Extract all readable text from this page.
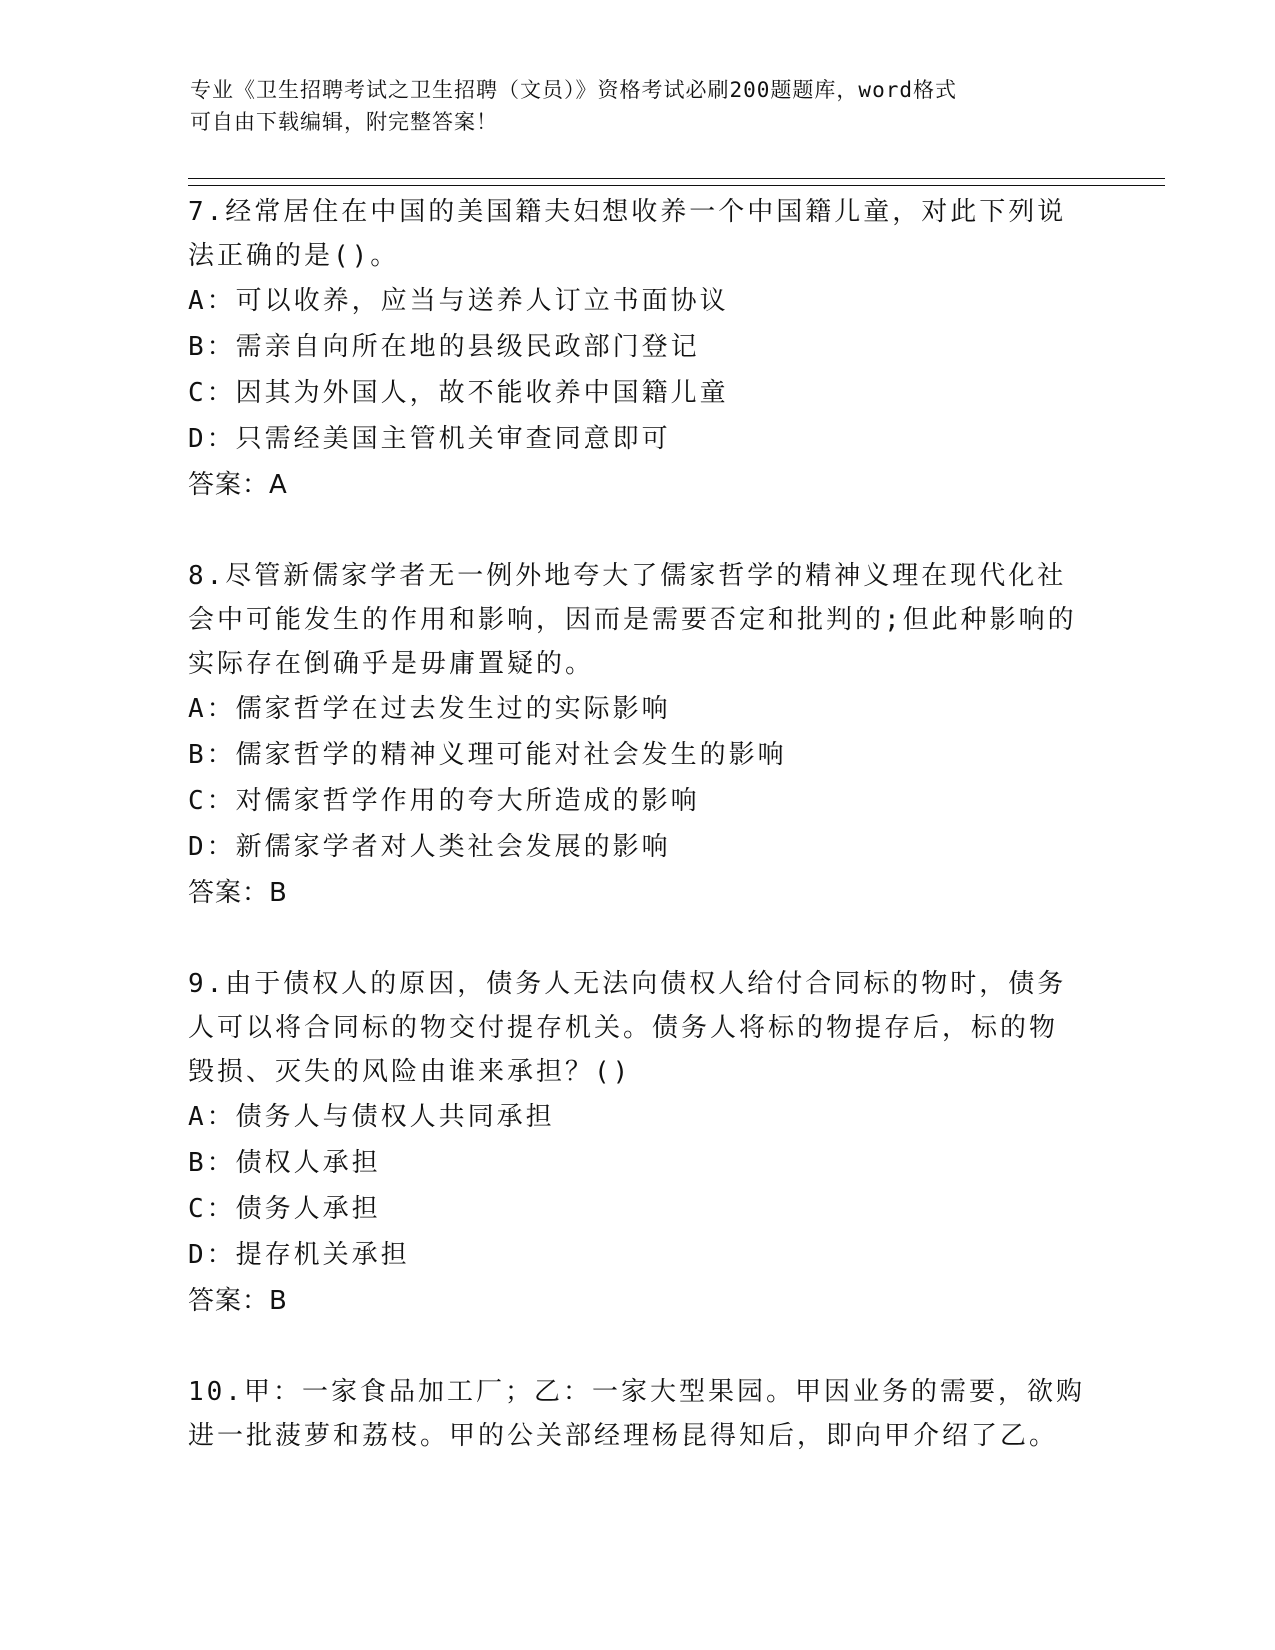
专业《卫生招聘考试之卫生招聘（文员）》资格考试必刷200题题库，word格式
可自由下载编辑，附完整答案！
7.经常居住在中国的美国籍夫妇想收养一个中国籍儿童，对此下列说
法正确的是()。
A：可以收养，应当与送养人订立书面协议
B：需亲自向所在地的县级民政部门登记
C：因其为外国人，故不能收养中国籍儿童
D：只需经美国主管机关审查同意即可
答案：A
8.尽管新儒家学者无一例外地夸大了儒家哲学的精神义理在现代化社
会中可能发生的作用和影响，因而是需要否定和批判的;但此种影响的
实际存在倒确乎是毋庸置疑的。
A：儒家哲学在过去发生过的实际影响
B：儒家哲学的精神义理可能对社会发生的影响
C：对儒家哲学作用的夸大所造成的影响
D：新儒家学者对人类社会发展的影响
答案：B
9.由于债权人的原因，债务人无法向债权人给付合同标的物时，债务
人可以将合同标的物交付提存机关。债务人将标的物提存后，标的物
毁损、灭失的风险由谁来承担？()
A：债务人与债权人共同承担
B：债权人承担
C：债务人承担
D：提存机关承担
答案：B
10.甲：一家食品加工厂；乙：一家大型果园。甲因业务的需要，欲购
进一批菠萝和荔枝。甲的公关部经理杨昆得知后，即向甲介绍了乙。
